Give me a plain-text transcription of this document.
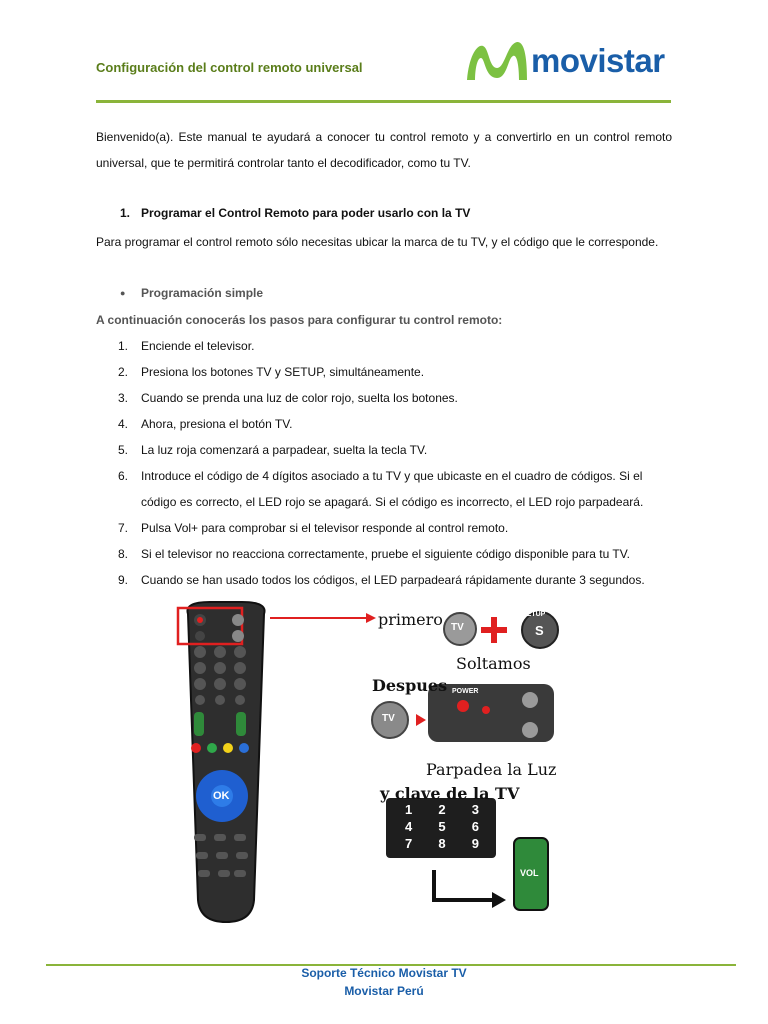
Configuración del control remoto universal	movistar

Bienvenido(a). Este manual te ayudará a conocer tu control remoto y a convertirlo en un control remoto universal, que te permitirá controlar tanto el decodificador, como tu TV.

1. Programar el Control Remoto para poder usarlo con la TV

Para programar el control remoto sólo necesitas ubicar la marca de tu TV, y el código que le corresponde.

● Programación simple
A continuación conocerás los pasos para configurar tu control remoto:
1. Enciende el televisor.
2. Presiona los botones TV y SETUP, simultáneamente.
3. Cuando se prenda una luz de color rojo, suelta los botones.
4. Ahora, presiona el botón TV.
5. La luz roja comenzará a parpadear, suelta la tecla TV.
6. Introduce el código de 4 dígitos asociado a tu TV y que ubicaste en el cuadro de códigos. Si el código es correcto, el LED rojo se apagará. Si el código es incorrecto, el LED rojo parpadeará.
7. Pulsa Vol+ para comprobar si el televisor responde al control remoto.
8. Si el televisor no reacciona correctamente, pruebe el siguiente código disponible para tu TV.
9. Cuando se han usado todos los códigos, el LED parpadeará rápidamente durante 3 segundos.
primero
Soltamos
Despues
Parpadea la Luz
y clave de la TV
TV
SETUP
S
TV
POWER
OK
VOL
1	2	3
4	5	6
7	8	9
Soporte Técnico Movistar TV
Movistar Perú
